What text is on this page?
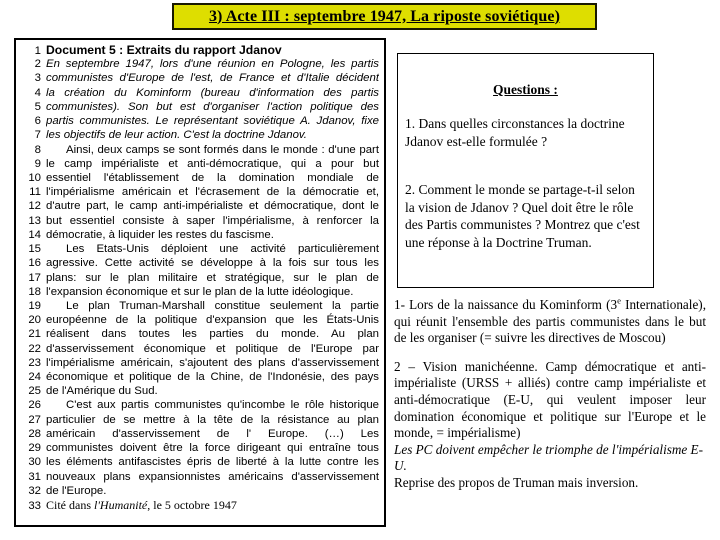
3) Acte III : septembre 1947, La riposte soviétique)
1 Document 5 : Extraits du rapport Jdanov
2 En septembre 1947, lors d'une réunion en Pologne, les partis
3 communistes d'Europe de l'est, de France et d'Italie décident
4 la création du Kominform (bureau d'information des partis
5 communistes). Son but est d'organiser l'action politique des
6 partis communistes. Le représentant soviétique A. Jdanov, fixe
7 les objectifs de leur action. C'est la doctrine Jdanov.
8	Ainsi, deux camps se sont formés dans le monde : d'une part
9 le camp impérialiste et anti-démocratique, qui a pour but
10 essentiel l'établissement de la domination mondiale de
11 l'impérialisme américain et l'écrasement de la démocratie et,
12 d'autre part, le camp anti-impérialiste et démocratique, dont le
13 but essentiel consiste à saper l'impérialisme, à renforcer la
14 démocratie, à liquider les restes du fascisme.
15	Les Etats-Unis déploient une activité particulièrement
16 agressive. Cette activité se développe à la fois sur tous les
17 plans: sur le plan militaire et stratégique, sur le plan de
18 l'expansion économique et sur le plan de la lutte idéologique.
19	Le plan Truman-Marshall constitue seulement la partie
20 européenne de la politique d'expansion que les États-Unis
21 réalisent dans toutes les parties du monde. Au plan
22 d'asservissement économique et politique de l'Europe par
23 l'impérialisme américain, s'ajoutent des plans d'asservissement
24 économique et politique de la Chine, de l'Indonésie, des pays
25 de l'Amérique du Sud.
26	C'est aux partis communistes qu'incombe le rôle historique
27 particulier de se mettre à la tête de la résistance au plan
28 américain d'asservissement de l' Europe. (…) Les
29 communistes doivent être la force dirigeant qui entraîne tous
30 les éléments antifascistes épris de liberté à la lutte contre les
31 nouveaux plans expansionnistes américains d'asservissement
32 de l'Europe.
33 Cité dans l'Humanité, le 5 octobre 1947
Questions :
1. Dans quelles circonstances la doctrine Jdanov est-elle formulée ?
2. Comment le monde se partage-t-il selon la vision de Jdanov ? Quel doit être le rôle des Partis communistes ? Montrez que c'est une réponse à la Doctrine Truman.
1- Lors de la naissance du Kominform (3e Internationale), qui réunit l'ensemble des partis communistes dans le but de les organiser (= suivre les directives de Moscou)
2 – Vision manichéenne. Camp démocratique et anti-impérialiste (URSS + alliés) contre camp impérialiste et anti-démocratique (E-U, qui veulent imposer leur domination économique et politique sur l'Europe et le monde, = impérialisme)
Les PC doivent empêcher le triomphe de l'impérialisme E-U.
Reprise des propos de Truman mais inversion.
